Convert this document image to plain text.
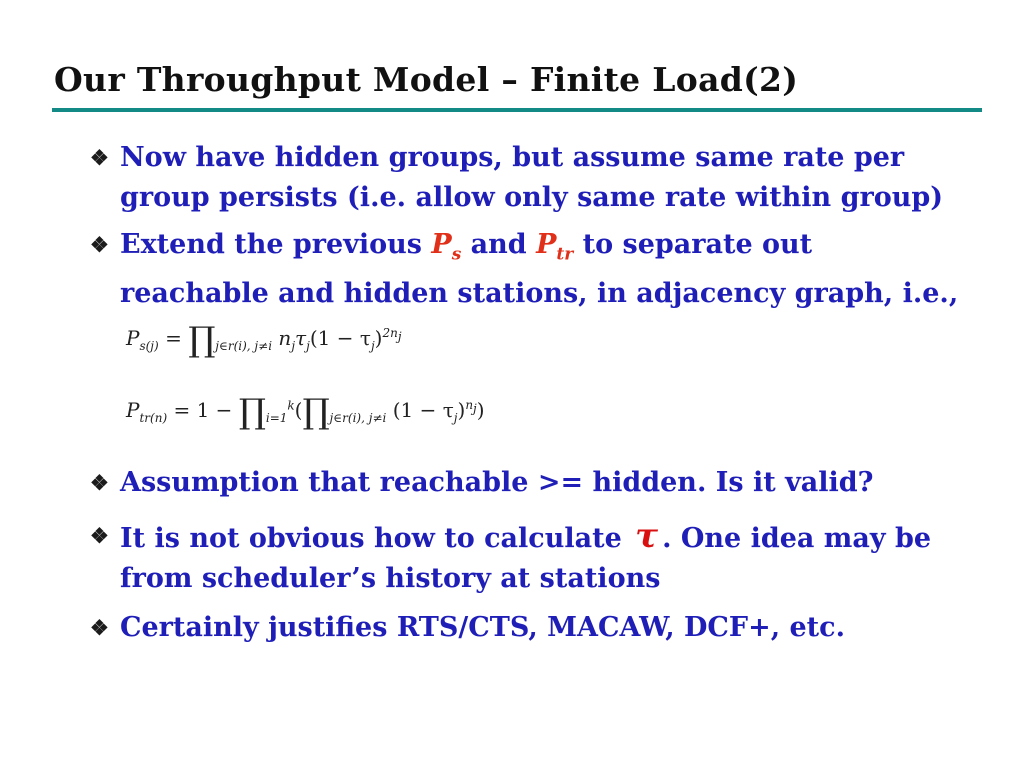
Our Throughput Model – Finite Load(2)
❖ Now have hidden groups, but assume same rate per
group persists (i.e. allow only same rate within group)
❖ Extend the previous $P_s$ and $P_{tr}$ to separate out
reachable and hidden stations, in adjacency graph, i.e.,
$P_{s(j)}$ = $\prod_{j\in r(i), j\ne i}$ $n_j\tau_j(1 - \tau_j)^{2n_j}$
$P_{tr(n)} = 1$ − $\prod_{i=1}^k(\prod_{j\in r(i), j\ne i}$ $(1 - \tau_j)^{n_j}$)
❖ Assumption that reachable >= hidden. Is it valid?
❖ It is not obvious how to calculate τ . One idea may be
from scheduler’s history at stations
❖ Certainly justifies RTS/CTS, MACAW, DCF+, etc.
